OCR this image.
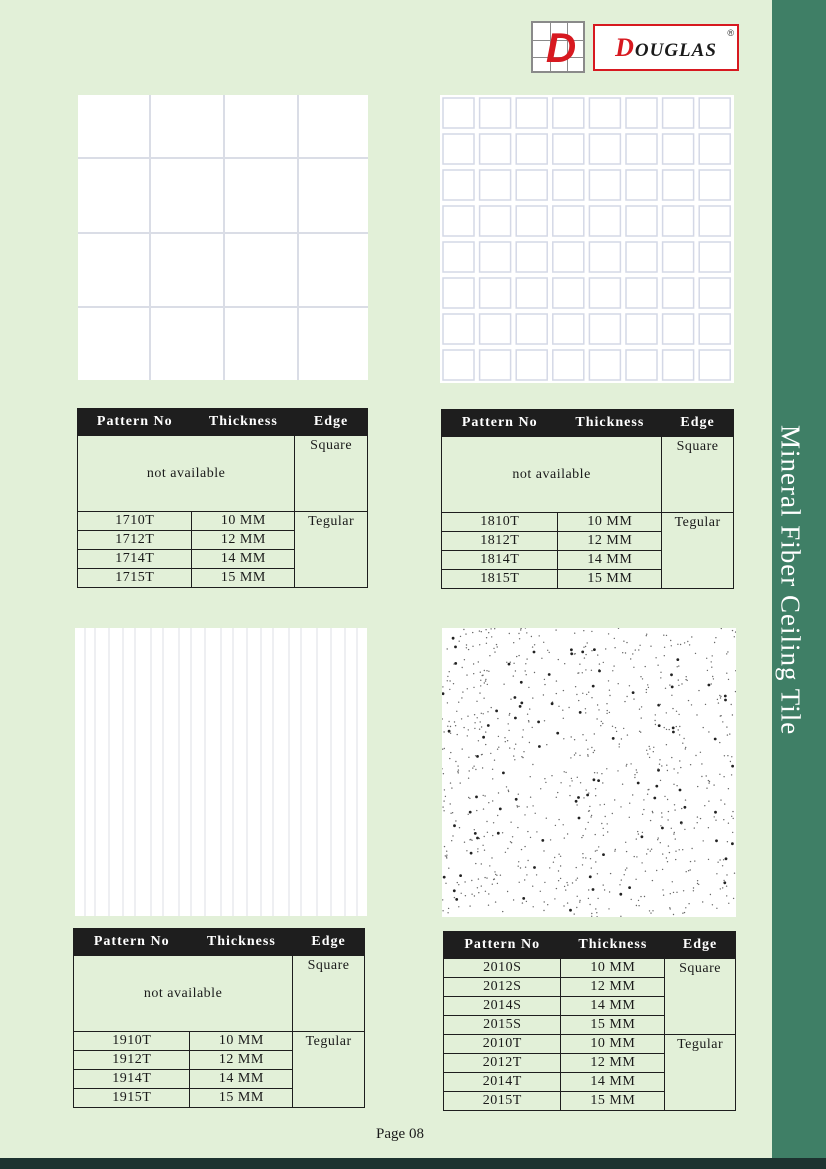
Mineral Fiber Ceiling Tile
D DOUGLAS
®
Pattern No	Thickness	Edge
not available		Square
1710T	10 MM	Tegular
1712T	12 MM	
1714T	14 MM	
1715T	15 MM	
Pattern No	Thickness	Edge
not available		Square
1810T	10 MM	Tegular
1812T	12 MM	
1814T	14 MM	
1815T	15 MM	
Pattern No	Thickness	Edge
not available		Square
1910T	10 MM	Tegular
1912T	12 MM	
1914T	14 MM	
1915T	15 MM	
Pattern No	Thickness	Edge
2010S	10 MM	Square
2012S	12 MM	
2014S	14 MM	
2015S	15 MM	
2010T	10 MM	Tegular
2012T	12 MM	
2014T	14 MM	
2015T	15 MM	
Page 08
